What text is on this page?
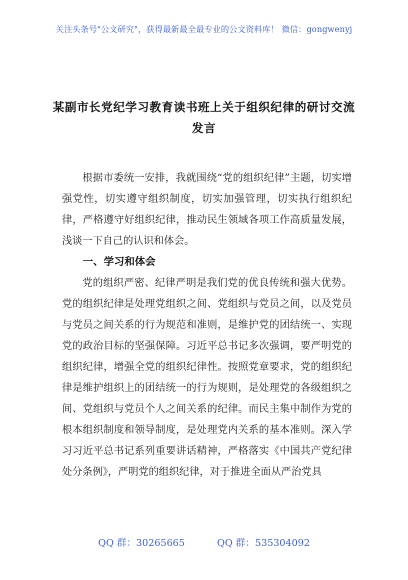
关注头条号"公文研究"，获得最新最全最专业的公文资料库！ 微信：gongwenyj
某副市长党纪学习教育读书班上关于组织纪律的研讨交流
发言

根据市委统一安排，我就围绕“党的组织纪律”主题，切实增强党性，切实遵守组织制度，切实加强管理，切实执行组织纪律，严格遵守好组织纪律，推动民生领域各项工作高质量发展，浅谈一下自己的认识和体会。

一、学习和体会

党的组织严密、纪律严明是我们党的优良传统和强大优势。党的组织纪律是处理党组织之间、党组织与党员之间，以及党员与党员之间关系的行为规范和准则，是维护党的团结统一、实现党的政治目标的坚强保障。习近平总书记多次强调，要严明党的组织纪律，增强全党的组织纪律性。按照党章要求，党的组织纪律是维护组织上的团结统一的行为规则，是处理党的各级组织之间、党组织与党员个人之间关系的纪律。而民主集中制作为党的根本组织制度和领导制度，是处理党内关系的基本准则。深入学习习近平总书记系列重要讲话精神，严格落实《中国共产党纪律处分条例》，严明党的组织纪律，对于推进全面从严治党具

QQ 群：30265665	QQ 群：535304092
